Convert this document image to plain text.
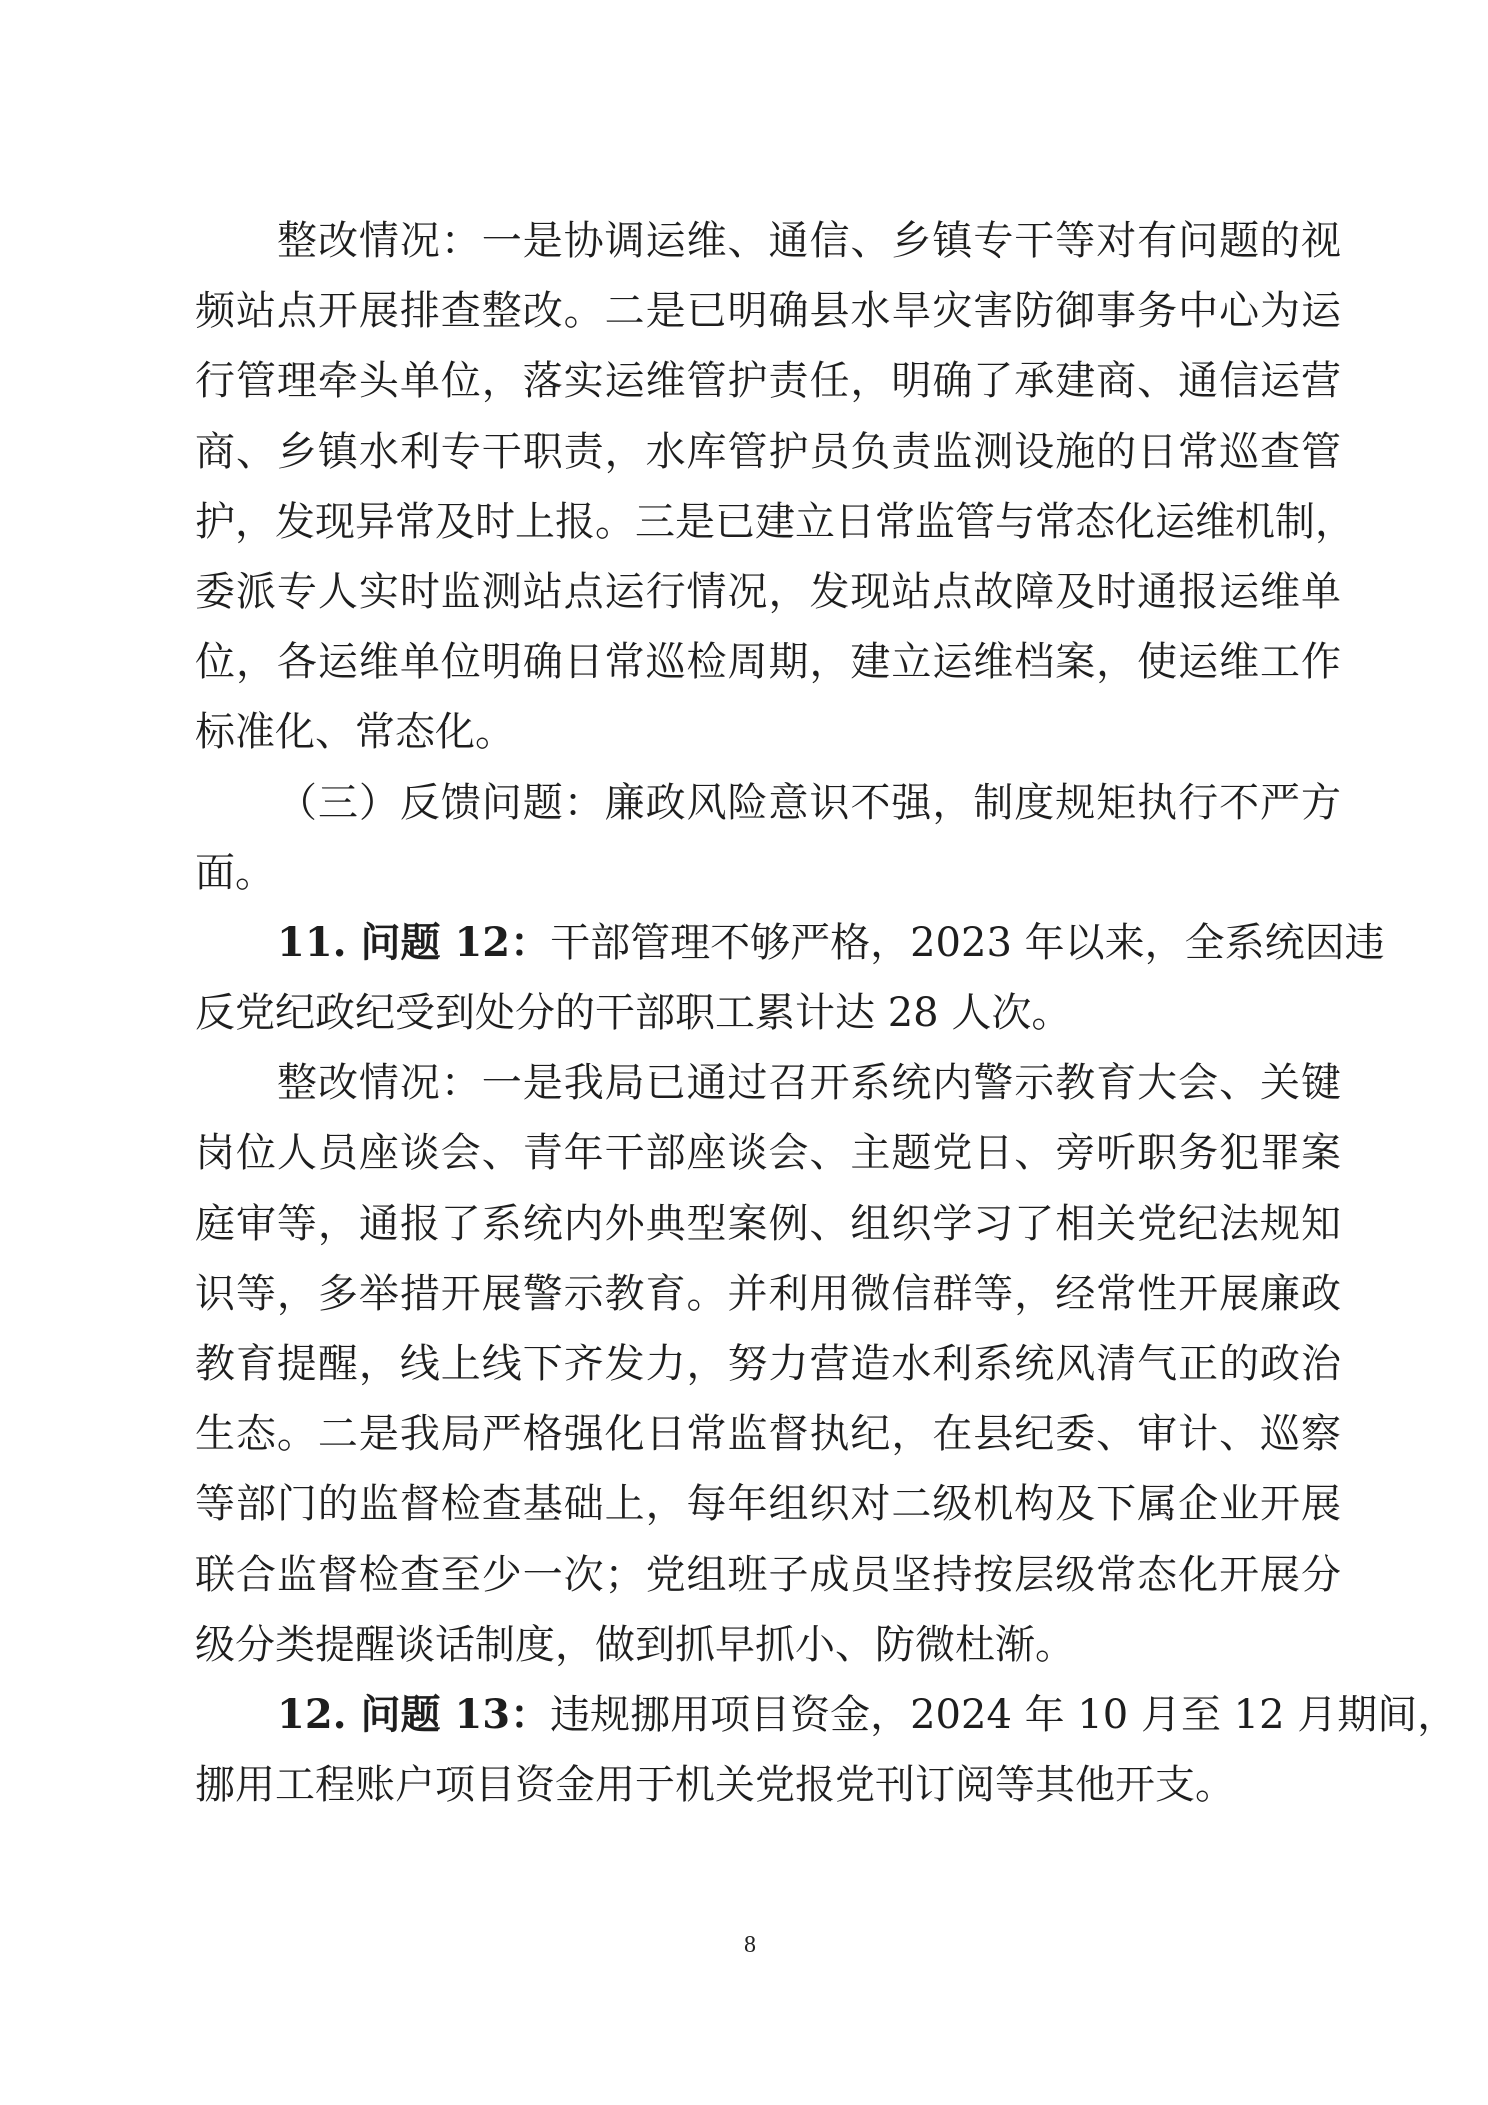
整改情况：一是协调运维、通信、乡镇专干等对有问题的视
频站点开展排查整改。二是已明确县水旱灾害防御事务中心为运
行管理牵头单位，落实运维管护责任，明确了承建商、通信运营
商、乡镇水利专干职责，水库管护员负责监测设施的日常巡查管
护，发现异常及时上报。三是已建立日常监管与常态化运维机制，
委派专人实时监测站点运行情况，发现站点故障及时通报运维单
位，各运维单位明确日常巡检周期，建立运维档案，使运维工作
标准化、常态化。
（三）反馈问题：廉政风险意识不强，制度规矩执行不严方
面。
11. 问题 12：干部管理不够严格，2023 年以来，全系统因违
反党纪政纪受到处分的干部职工累计达 28 人次。
整改情况：一是我局已通过召开系统内警示教育大会、关键
岗位人员座谈会、青年干部座谈会、主题党日、旁听职务犯罪案
庭审等，通报了系统内外典型案例、组织学习了相关党纪法规知
识等，多举措开展警示教育。并利用微信群等，经常性开展廉政
教育提醒，线上线下齐发力，努力营造水利系统风清气正的政治
生态。二是我局严格强化日常监督执纪，在县纪委、审计、巡察
等部门的监督检查基础上，每年组织对二级机构及下属企业开展
联合监督检查至少一次；党组班子成员坚持按层级常态化开展分
级分类提醒谈话制度，做到抓早抓小、防微杜渐。
12. 问题 13：违规挪用项目资金，2024 年 10 月至 12 月期间，
挪用工程账户项目资金用于机关党报党刊订阅等其他开支。
8
